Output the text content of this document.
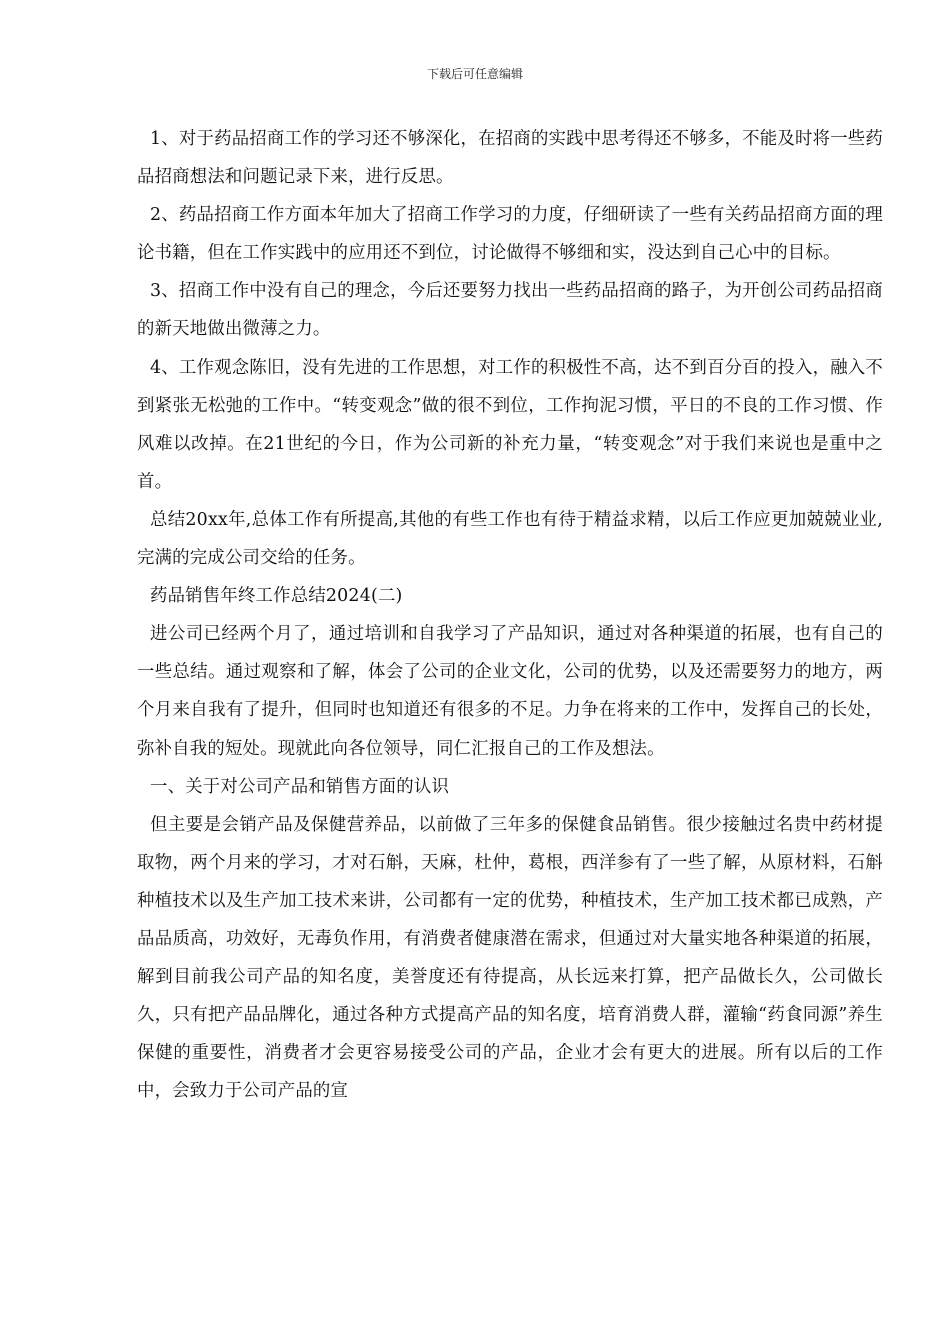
下载后可任意编辑

1、对于药品招商工作的学习还不够深化，在招商的实践中思考得还不够多，不能及时将一些药品招商想法和问题记录下来，进行反思。

2、药品招商工作方面本年加大了招商工作学习的力度，仔细研读了一些有关药品招商方面的理论书籍，但在工作实践中的应用还不到位，讨论做得不够细和实，没达到自己心中的目标。

3、招商工作中没有自己的理念，今后还要努力找出一些药品招商的路子，为开创公司药品招商的新天地做出微薄之力。

4、工作观念陈旧，没有先进的工作思想，对工作的积极性不高，达不到百分百的投入，融入不到紧张无松弛的工作中。“转变观念”做的很不到位，工作拘泥习惯，平日的不良的工作习惯、作风难以改掉。在21世纪的今日，作为公司新的补充力量，“转变观念”对于我们来说也是重中之首。

总结20xx年,总体工作有所提高,其他的有些工作也有待于精益求精，以后工作应更加兢兢业业,完满的完成公司交给的任务。

药品销售年终工作总结2024(二)

进公司已经两个月了，通过培训和自我学习了产品知识，通过对各种渠道的拓展，也有自己的一些总结。通过观察和了解，体会了公司的企业文化，公司的优势，以及还需要努力的地方，两个月来自我有了提升，但同时也知道还有很多的不足。力争在将来的工作中，发挥自己的长处，弥补自我的短处。现就此向各位领导，同仁汇报自己的工作及想法。

一、关于对公司产品和销售方面的认识

但主要是会销产品及保健营养品，以前做了三年多的保健食品销售。很少接触过名贵中药材提取物，两个月来的学习，才对石斛，天麻，杜仲，葛根，西洋参有了一些了解，从原材料，石斛种植技术以及生产加工技术来讲，公司都有一定的优势，种植技术，生产加工技术都已成熟，产品品质高，功效好，无毒负作用，有消费者健康潜在需求，但通过对大量实地各种渠道的拓展，解到目前我公司产品的知名度，美誉度还有待提高，从长远来打算，把产品做长久，公司做长久，只有把产品品牌化，通过各种方式提高产品的知名度，培育消费人群，灌输“药食同源”养生保健的重要性，消费者才会更容易接受公司的产品，企业才会有更大的进展。所有以后的工作中，会致力于公司产品的宣
